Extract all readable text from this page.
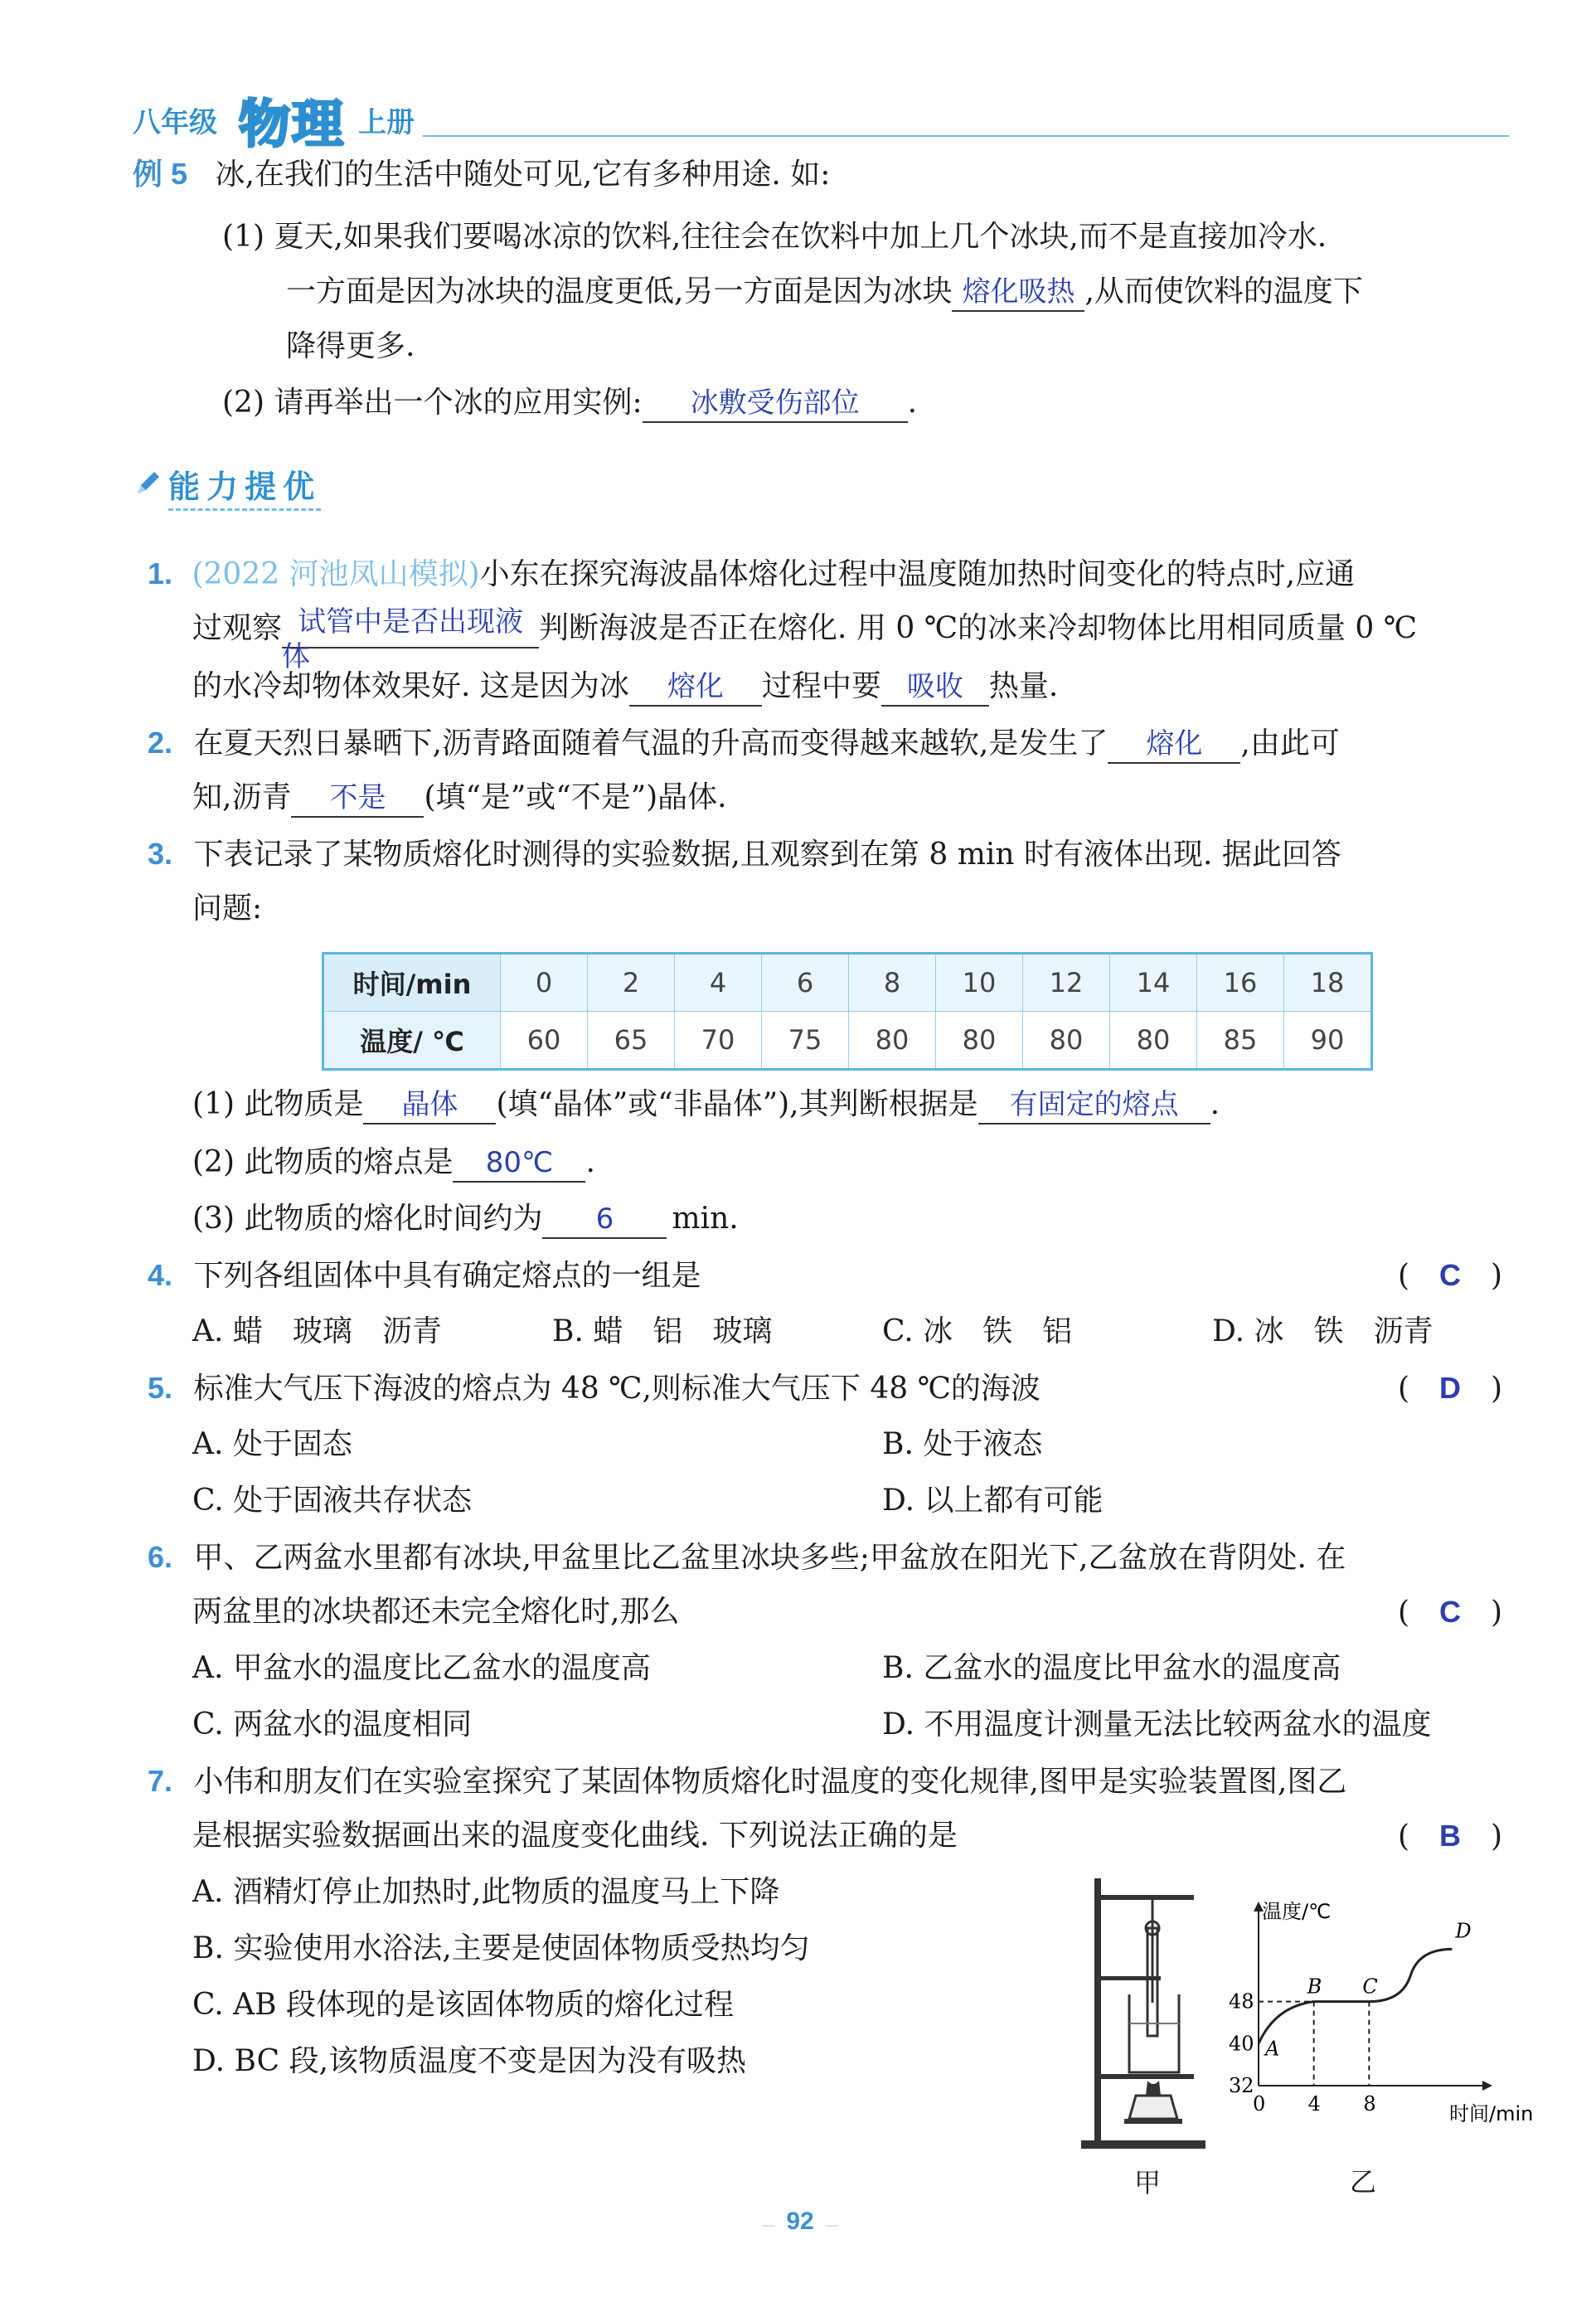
八年级 物理 上册
例 5 冰,在我们的生活中随处可见,它有多种用途. 如:
(1) 夏天,如果我们要喝冰凉的饮料,往往会在饮料中加上几个冰块,而不是直接加冷水.
一方面是因为冰块的温度更低,另一方面是因为冰块 熔化吸热 ,从而使饮料的温度下
降得更多.
(2) 请再举出一个冰的应用实例: 冰敷受伤部位 .
能力提优
1. (2022 河池凤山模拟)小东在探究海波晶体熔化过程中温度随加热时间变化的特点时,应通
过观察 试管中是否出现液
体
判断海波是否正在熔化. 用 0 ℃的冰来冷却物体比用相同质量 0 ℃
的水冷却物体效果好. 这是因为冰 熔化 过程中要 吸收 热量.
2. 在夏天烈日暴晒下,沥青路面随着气温的升高而变得越来越软,是发生了 熔化 ,由此可
知,沥青 不是 (填“是”或“不是”)晶体.
3. 下表记录了某物质熔化时测得的实验数据,且观察到在第 8 min 时有液体出现. 据此回答
问题:
时间/min	0	2	4	6	8	10	12	14	16	18
温度/ ℃	60	65	70	75	80	80	80	80	85	90
(1) 此物质是 晶体 (填“晶体”或“非晶体”),其判断根据是 有固定的熔点 .
(2) 此物质的熔点是 80℃ .
(3) 此物质的熔化时间约为 6 min.
4. 下列各组固体中具有确定熔点的一组是	(　C　)
A. 蜡　玻璃　沥青	B. 蜡　铝　玻璃	C. 冰　铁　铝	D. 冰　铁　沥青
5. 标准大气压下海波的熔点为 48 ℃,则标准大气压下 48 ℃的海波	(　D　)
A. 处于固态	B. 处于液态
C. 处于固液共存状态	D. 以上都有可能
6. 甲、乙两盆水里都有冰块,甲盆里比乙盆里冰块多些;甲盆放在阳光下,乙盆放在背阴处. 在
两盆里的冰块都还未完全熔化时,那么	(　C　)
A. 甲盆水的温度比乙盆水的温度高	B. 乙盆水的温度比甲盆水的温度高
C. 两盆水的温度相同	D. 不用温度计测量无法比较两盆水的温度
7. 小伟和朋友们在实验室探究了某固体物质熔化时温度的变化规律,图甲是实验装置图,图乙
是根据实验数据画出来的温度变化曲线. 下列说法正确的是	(　B　)
A. 酒精灯停止加热时,此物质的温度马上下降
B. 实验使用水浴法,主要是使固体物质受热均匀
C. AB 段体现的是该固体物质的熔化过程
D. BC 段,该物质温度不变是因为没有吸热
甲
温度/℃
时间/min
0 4 8
32
40
48
A
B C
D
乙
— 92 —
